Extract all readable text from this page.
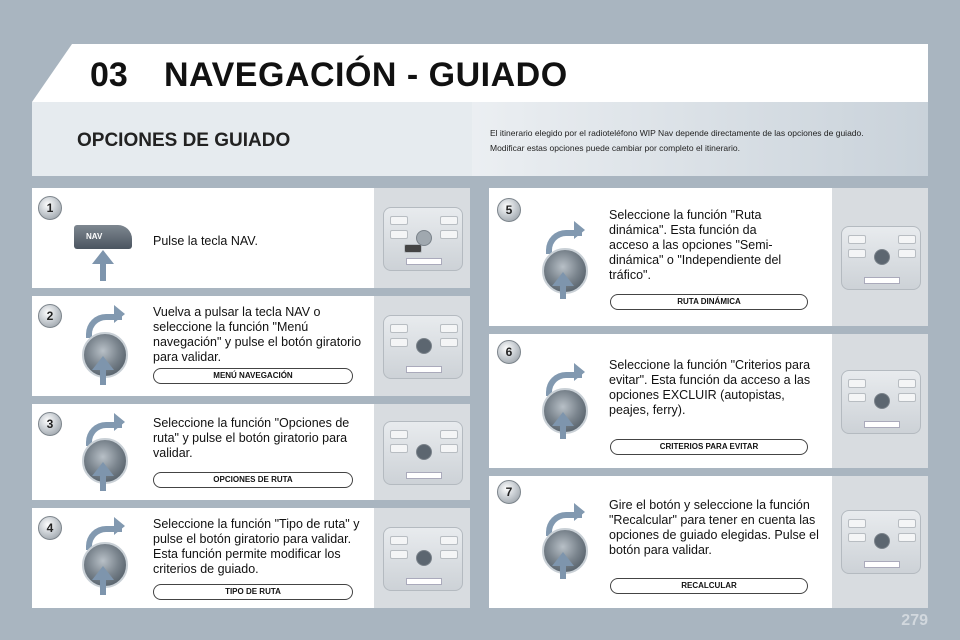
03 NAVEGACIÓN - GUIADO
OPCIONES DE GUIADO	El itinerario elegido por el radioteléfono WIP Nav depende directamente de las opciones de guiado.
Modificar estas opciones puede cambiar por completo el itinerario.
1
NAV	Pulse la tecla NAV.
2	Vuelva a pulsar la tecla NAV o seleccione la función "Menú navegación" y pulse el botón giratorio para validar.
MENÚ NAVEGACIÓN
3	Seleccione la función "Opciones de ruta" y pulse el botón giratorio para validar.
OPCIONES DE RUTA
4	Seleccione la función "Tipo de ruta" y pulse el botón giratorio para validar. Esta función permite modificar los criterios de guiado.
TIPO DE RUTA
5	Seleccione la función "Ruta dinámica". Esta función da acceso a las opciones "Semi-dinámica" o "Independiente del tráfico".
RUTA DINÁMICA
6
Seleccione la función "Criterios para evitar". Esta función da acceso a las opciones EXCLUIR (autopistas, peajes, ferry).
CRITERIOS PARA EVITAR
7
Gire el botón y seleccione la función "Recalcular" para tener en cuenta las opciones de guiado elegidas. Pulse el botón para validar.
RECALCULAR
279
